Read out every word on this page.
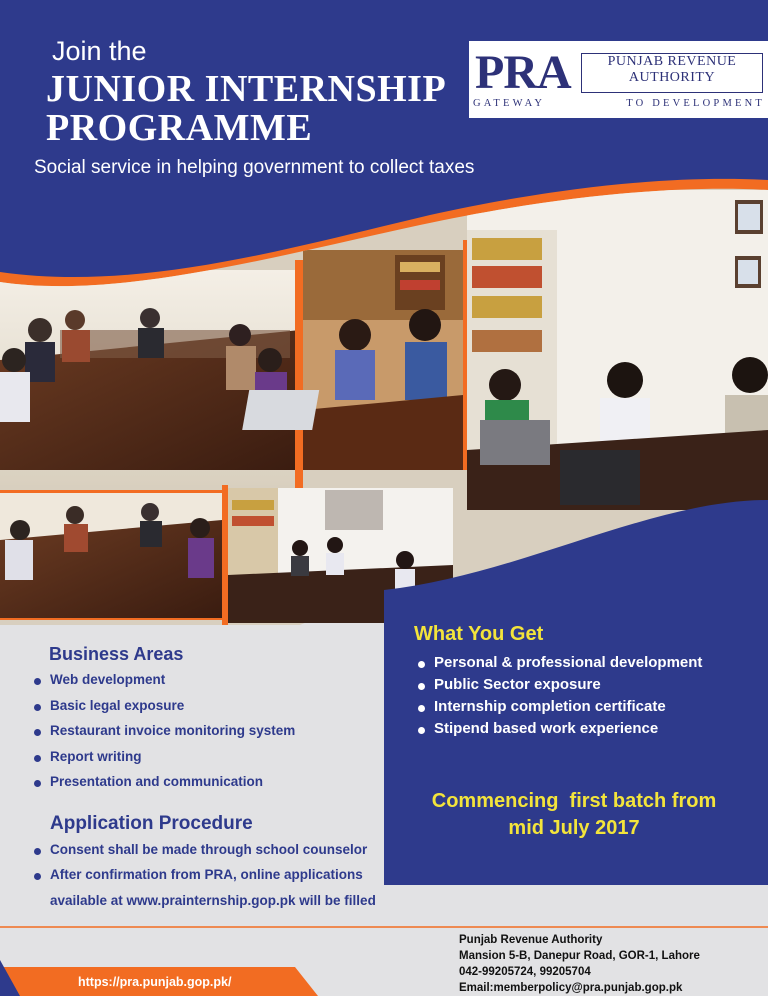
Join the
JUNIOR INTERNSHIP
PROGRAMME
Social service in helping government to collect taxes
PRA	PUNJAB REVENUE
AUTHORITY
GATEWAY	TO DEVELOPMENT
Business Areas
Web development
Basic legal exposure
Restaurant invoice monitoring system
Report writing
Presentation and communication
Application Procedure
Consent shall be made through school counselor
After confirmation from PRA, online applications
available at www.prainternship.gop.pk will be filled
What You Get
Personal & professional development
Public Sector exposure
Internship completion certificate
Stipend based work experience
Commencing  first batch from
mid July 2017
Punjab Revenue Authority
Mansion 5-B, Danepur Road, GOR-1, Lahore
042-99205724, 99205704
Email:memberpolicy@pra.punjab.gop.pk
https://pra.punjab.gop.pk/
